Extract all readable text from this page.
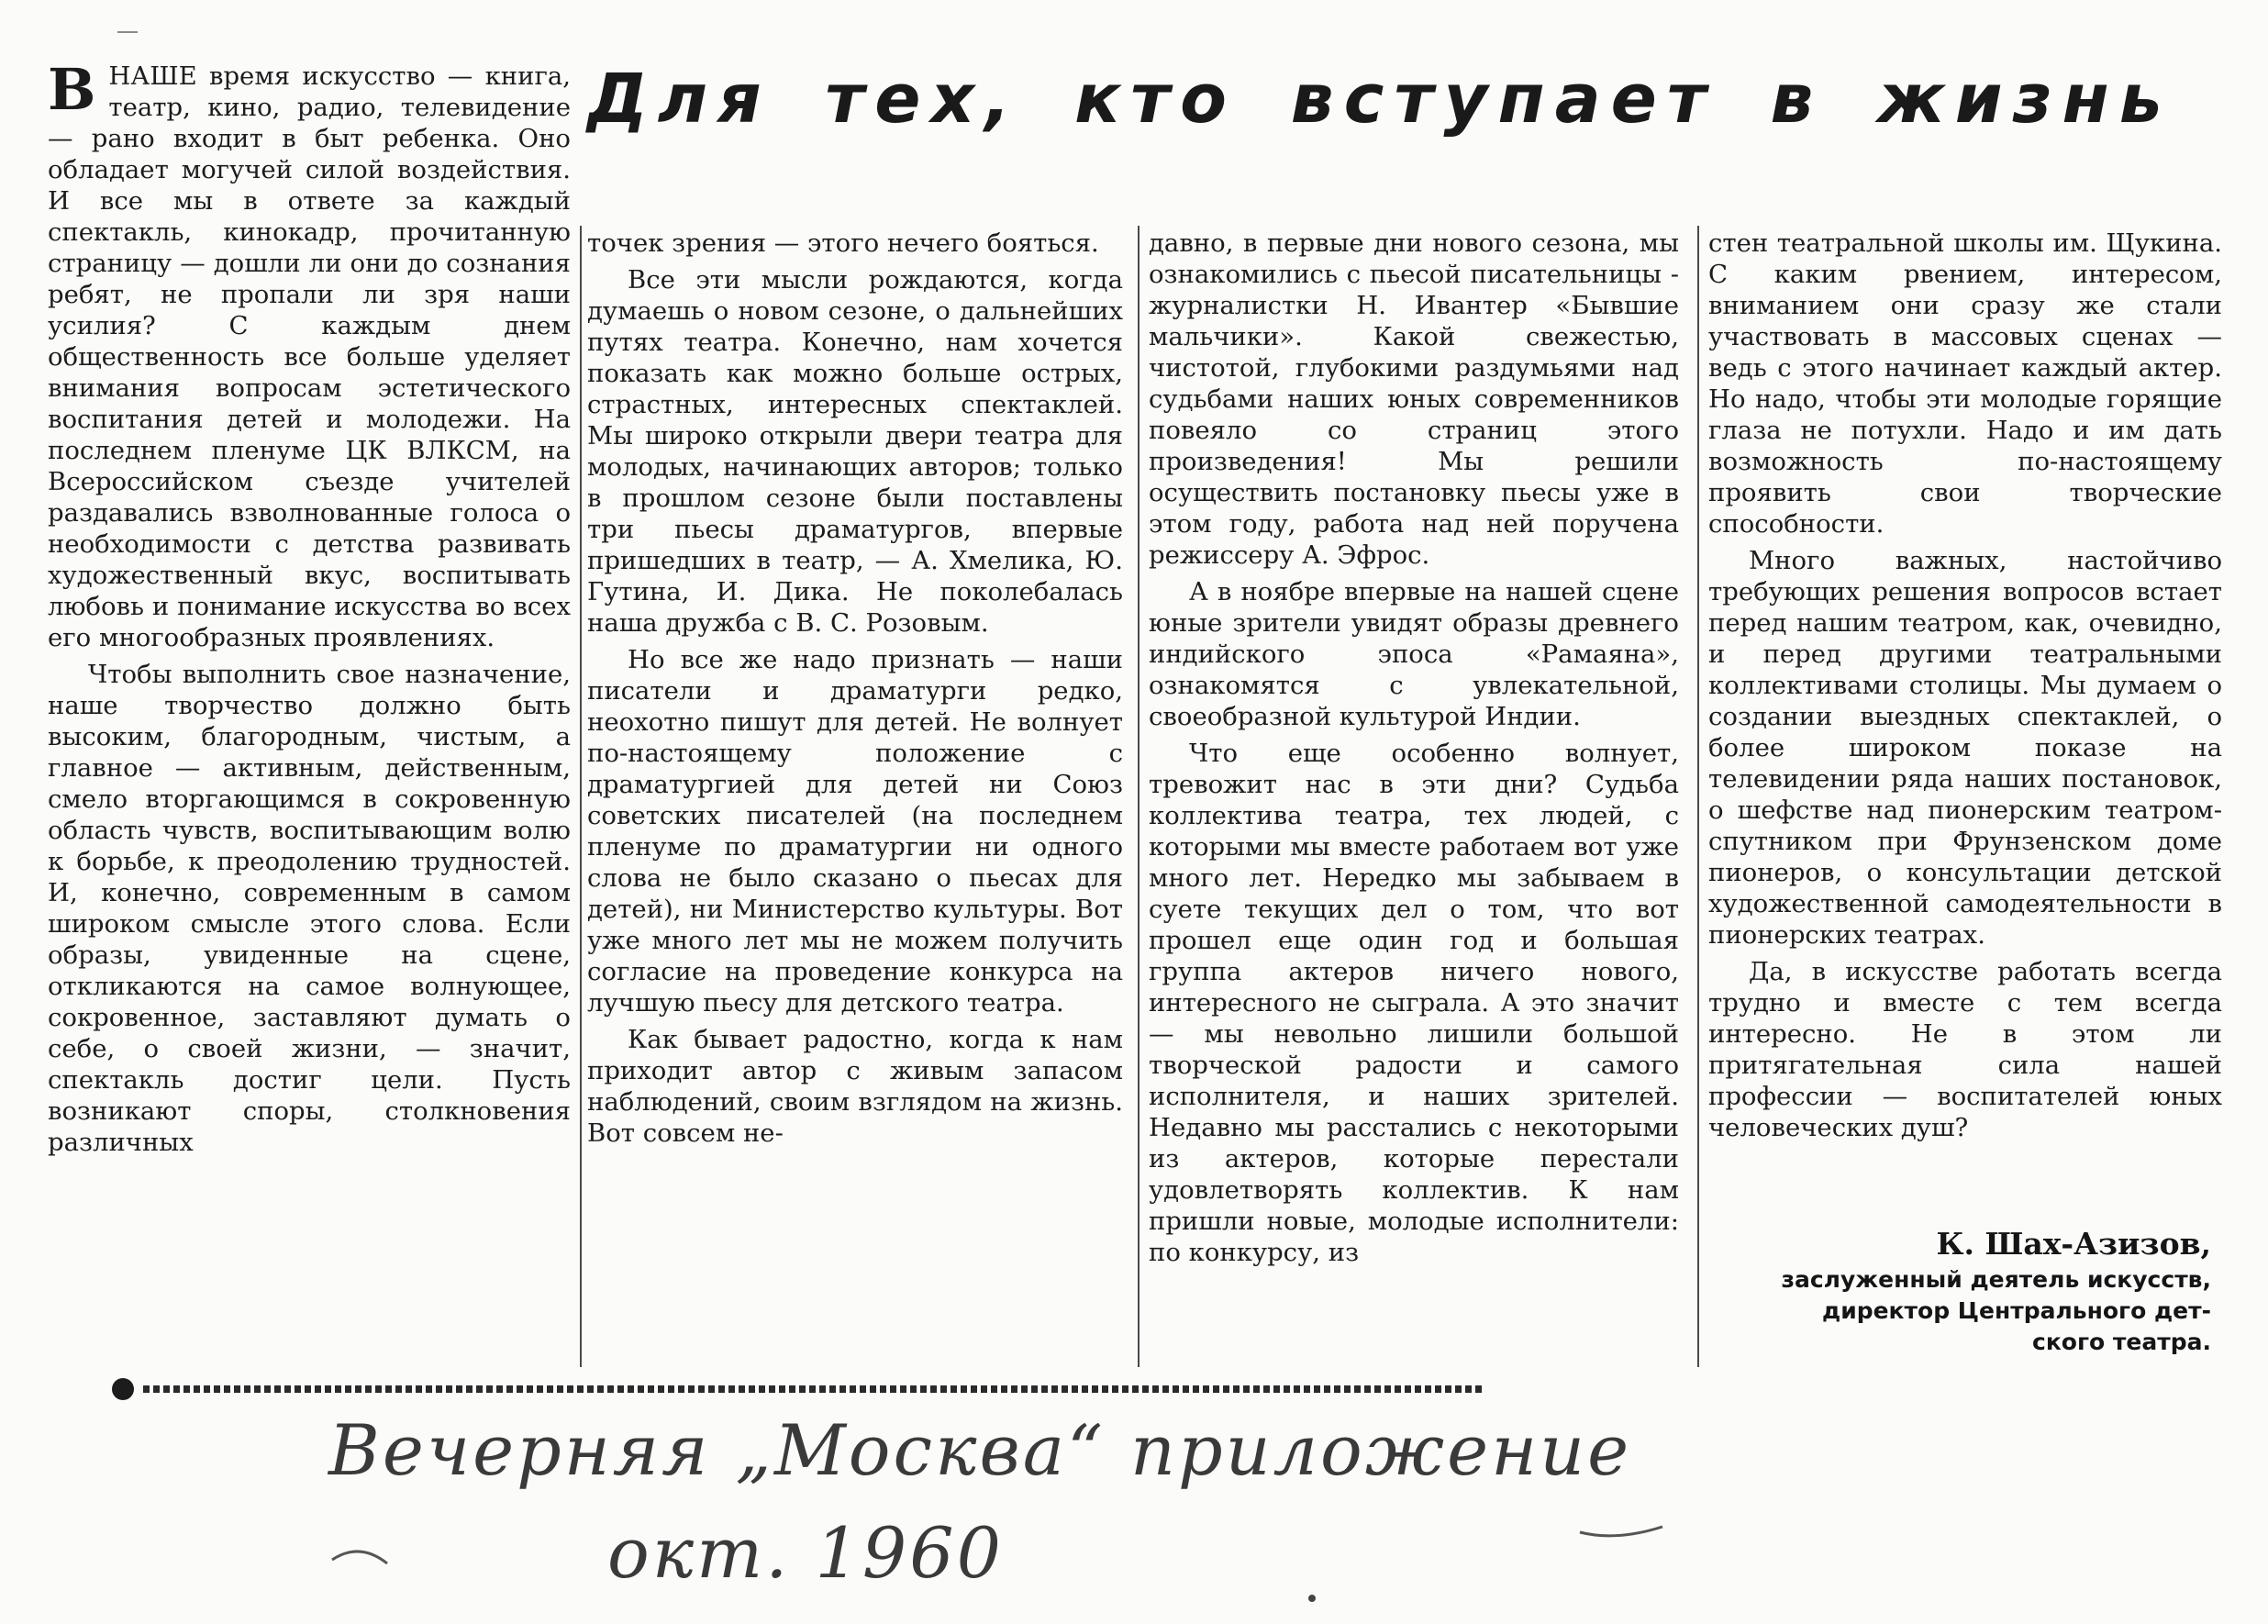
Для тех, кто вступает в жизнь

ВНАШЕ время искусство — книга, театр, кино, радио, телевидение — рано входит в быт ребенка. Оно обладает могучей силой воздействия. И все мы в ответе за каждый спектакль, кинокадр, прочитанную страницу — дошли ли они до сознания ребят, не пропали ли зря наши усилия? С каждым днем общественность все больше уделяет внимания вопросам эстетического воспитания детей и молодежи. На последнем пленуме ЦК ВЛКСМ, на Всероссийском съезде учителей раздавались взволнованные голоса о необходимости с детства развивать художественный вкус, воспитывать любовь и понимание искусства во всех его многообразных проявлениях.

Чтобы выполнить свое назначение, наше творчество должно быть высоким, благородным, чистым, а главное — активным, действенным, смело вторгающимся в сокровенную область чувств, воспитывающим волю к борьбе, к преодолению трудностей. И, конечно, современным в самом широком смысле этого слова. Если образы, увиденные на сцене, откликаются на самое волнующее, сокровенное, заставляют думать о себе, о своей жизни, — значит, спектакль достиг цели. Пусть возникают споры, столкновения различных

точек зрения — этого нечего бояться.

Все эти мысли рождаются, когда думаешь о новом сезоне, о дальнейших путях театра. Конечно, нам хочется показать как можно больше острых, страстных, интересных спектаклей. Мы широко открыли двери театра для молодых, начинающих авторов; только в прошлом сезоне были поставлены три пьесы драматургов, впервые пришедших в театр, — А. Хмелика, Ю. Гутина, И. Дика. Не поколебалась наша дружба с В. С. Розовым.

Но все же надо признать — наши писатели и драматурги редко, неохотно пишут для детей. Не волнует по-настоящему положение с драматургией для детей ни Союз советских писателей (на последнем пленуме по драматургии ни одного слова не было сказано о пьесах для детей), ни Министерство культуры. Вот уже много лет мы не можем получить согласие на проведение конкурса на лучшую пьесу для детского театра.

Как бывает радостно, когда к нам приходит автор с живым запасом наблюдений, своим взглядом на жизнь. Вот совсем не-

давно, в первые дни нового сезона, мы ознакомились с пьесой писательницы - журналистки Н. Ивантер «Бывшие мальчики». Какой свежестью, чистотой, глубокими раздумьями над судьбами наших юных современников повеяло со страниц этого произведения! Мы решили осуществить постановку пьесы уже в этом году, работа над ней поручена режиссеру А. Эфрос.

А в ноябре впервые на нашей сцене юные зрители увидят образы древнего индийского эпоса «Рамаяна», ознакомятся с увлекательной, своеобразной культурой Индии.

Что еще особенно волнует, тревожит нас в эти дни? Судьба коллектива театра, тех людей, с которыми мы вместе работаем вот уже много лет. Нередко мы забываем в суете текущих дел о том, что вот прошел еще один год и большая группа актеров ничего нового, интересного не сыграла. А это значит — мы невольно лишили большой творческой радости и самого исполнителя, и наших зрителей. Недавно мы расстались с некоторыми из актеров, которые перестали удовлетворять коллектив. К нам пришли новые, молодые исполнители: по конкурсу, из

стен театральной школы им. Щукина. С каким рвением, интересом, вниманием они сразу же стали участвовать в массовых сценах — ведь с этого начинает каждый актер. Но надо, чтобы эти молодые горящие глаза не потухли. Надо и им дать возможность по-настоящему проявить свои творческие способности.

Много важных, настойчиво требующих решения вопросов встает перед нашим театром, как, очевидно, и перед другими театральными коллективами столицы. Мы думаем о создании выездных спектаклей, о более широком показе на телевидении ряда наших постановок, о шефстве над пионерским театром-спутником при Фрунзенском доме пионеров, о консультации детской художественной самодеятельности в пионерских театрах.

Да, в искусстве работать всегда трудно и вместе с тем всегда интересно. Не в этом ли притягательная сила нашей профессии — воспитателей юных человеческих душ?

К. Шах-Азизов,
заслуженный деятель искусств,
директор Центрального дет-
ского театра.
Вечерняя „Москва“ приложение
окт. 1960
